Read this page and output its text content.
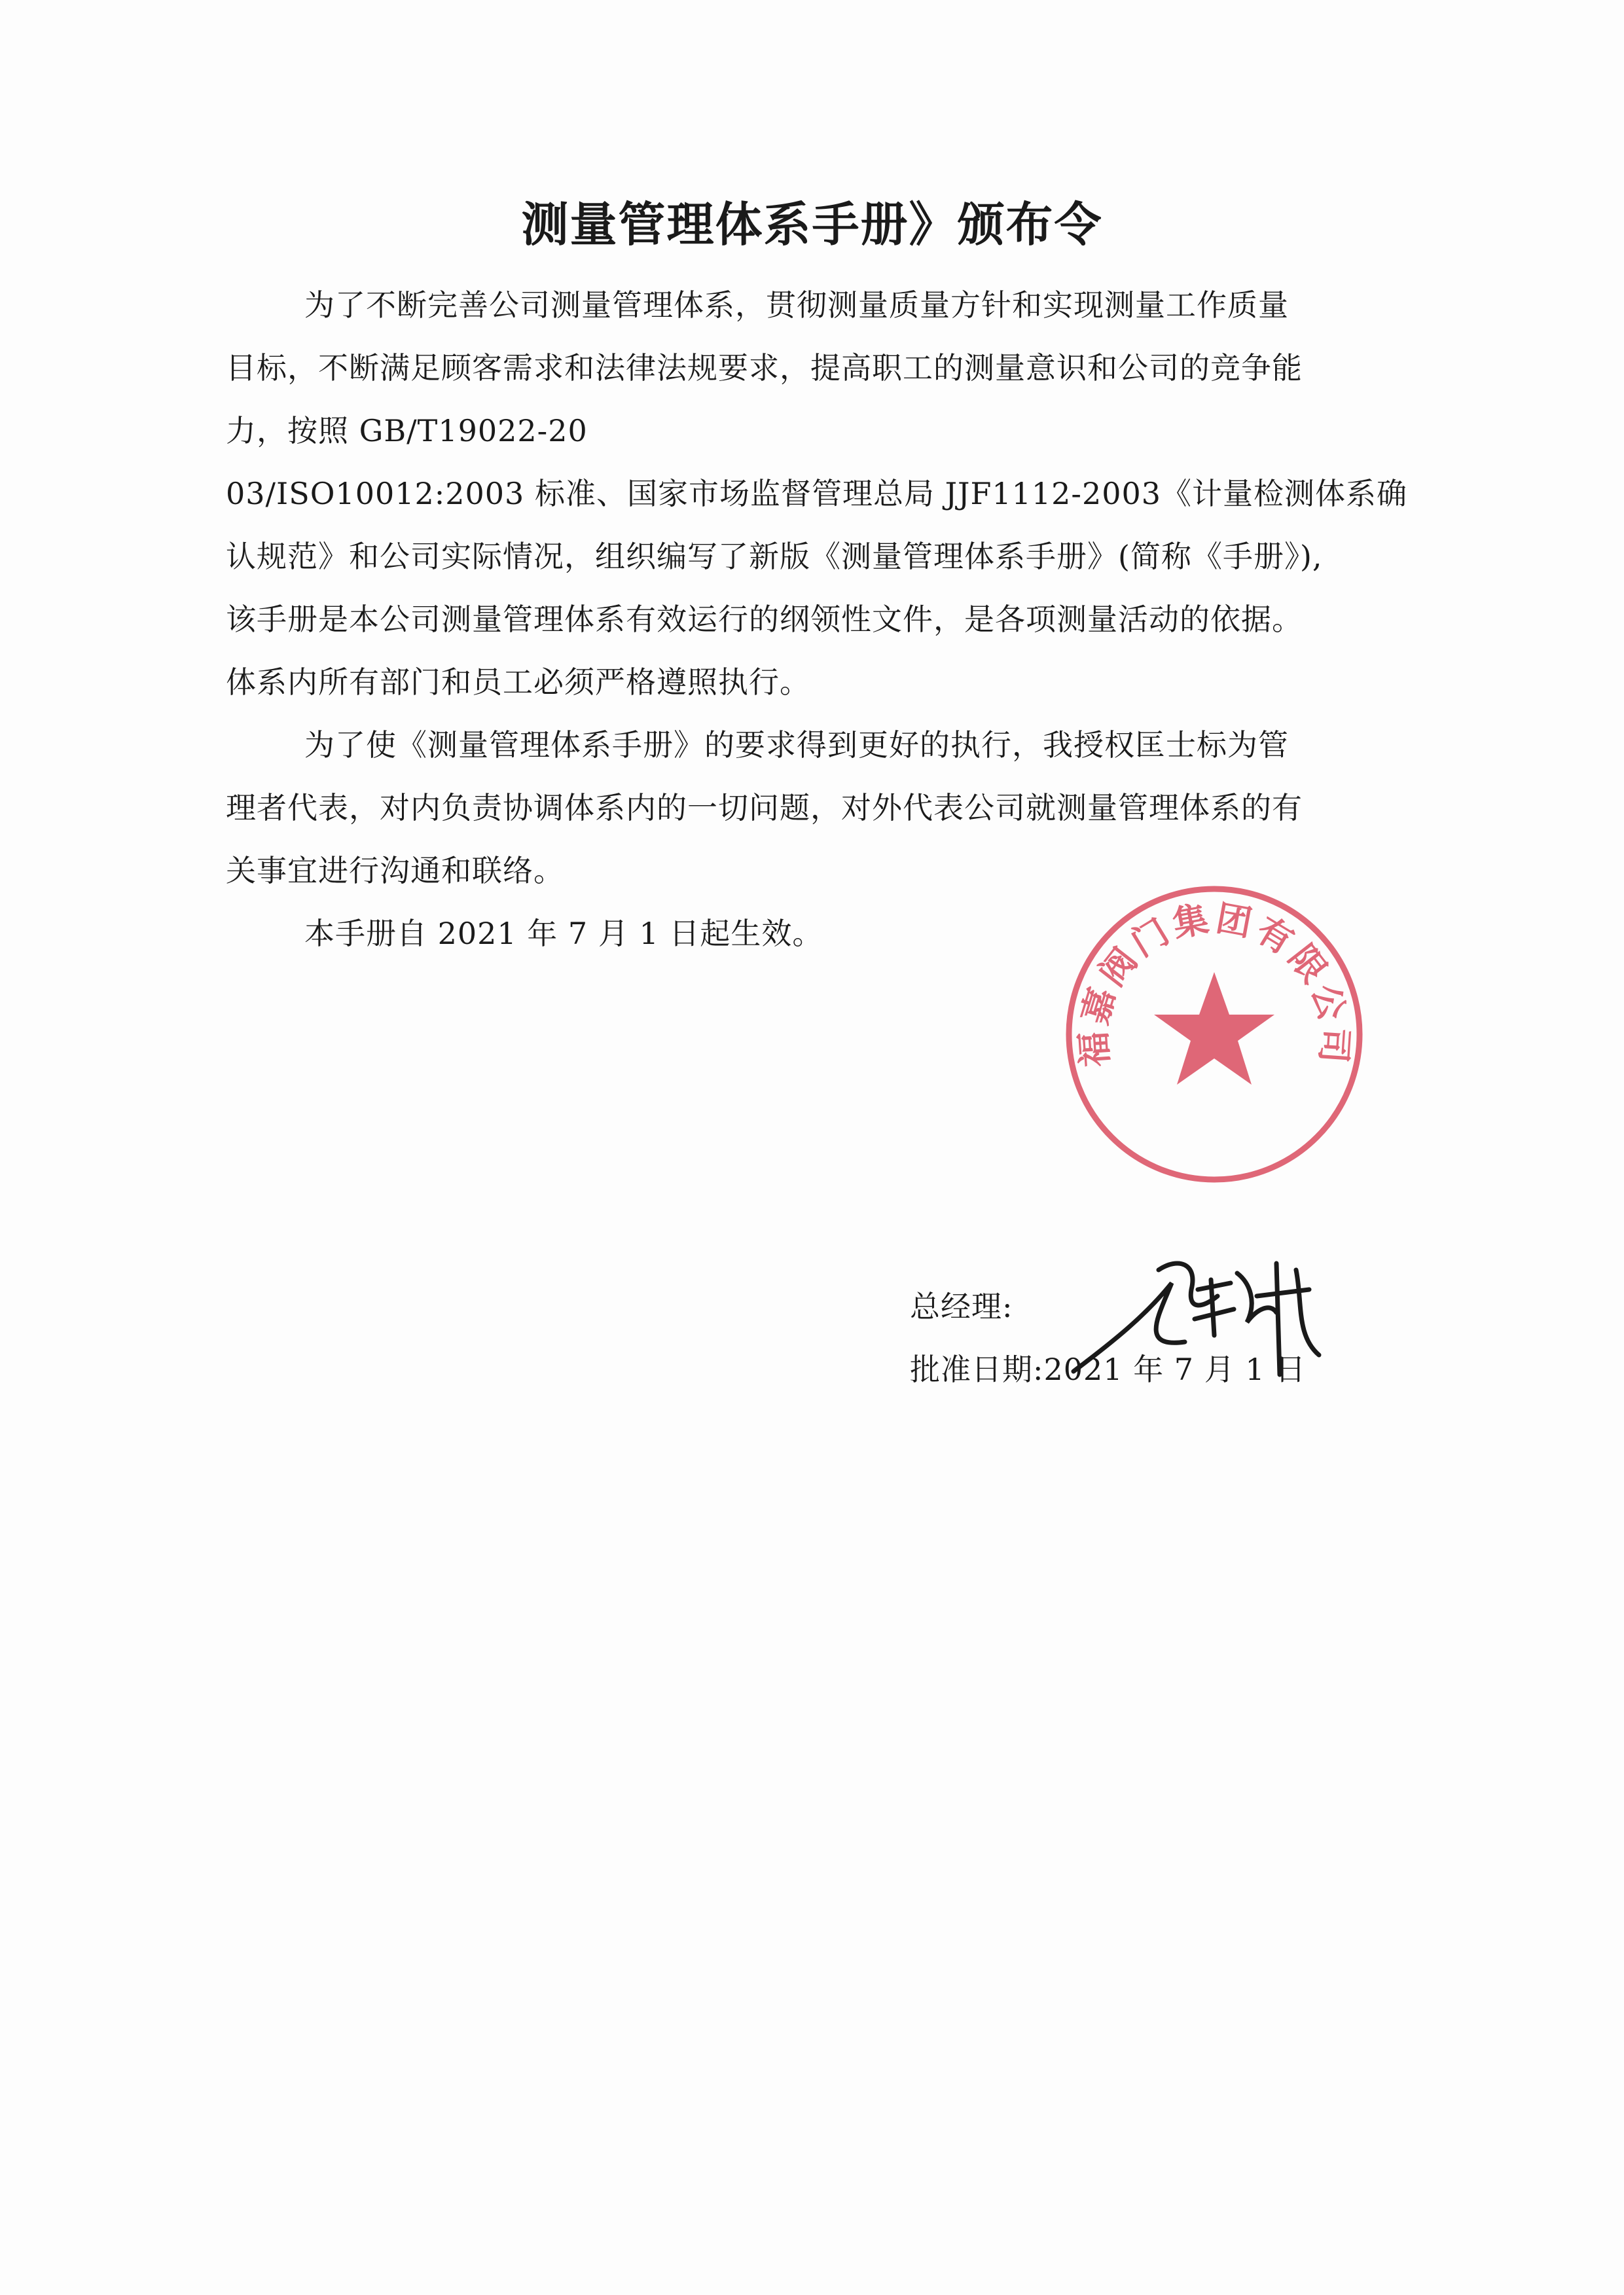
测量管理体系手册》颁布令
为了不断完善公司测量管理体系，贯彻测量质量方针和实现测量工作质量
目标，不断满足顾客需求和法律法规要求，提高职工的测量意识和公司的竞争能
力，按照 GB/T19022-20
03/ISO10012:2003 标准、国家市场监督管理总局 JJF1112-2003《计量检测体系确
认规范》和公司实际情况，组织编写了新版《测量管理体系手册》(简称《手册》),
该手册是本公司测量管理体系有效运行的纲领性文件，是各项测量活动的依据。
体系内所有部门和员工必须严格遵照执行。
为了使《测量管理体系手册》的要求得到更好的执行，我授权匡士标为管
理者代表，对内负责协调体系内的一切问题，对外代表公司就测量管理体系的有
关事宜进行沟通和联络。
本手册自 2021 年 7 月 1 日起生效。
福嘉阀门集团有限公司
总经理:
批准日期:2021 年 7 月 1 日
